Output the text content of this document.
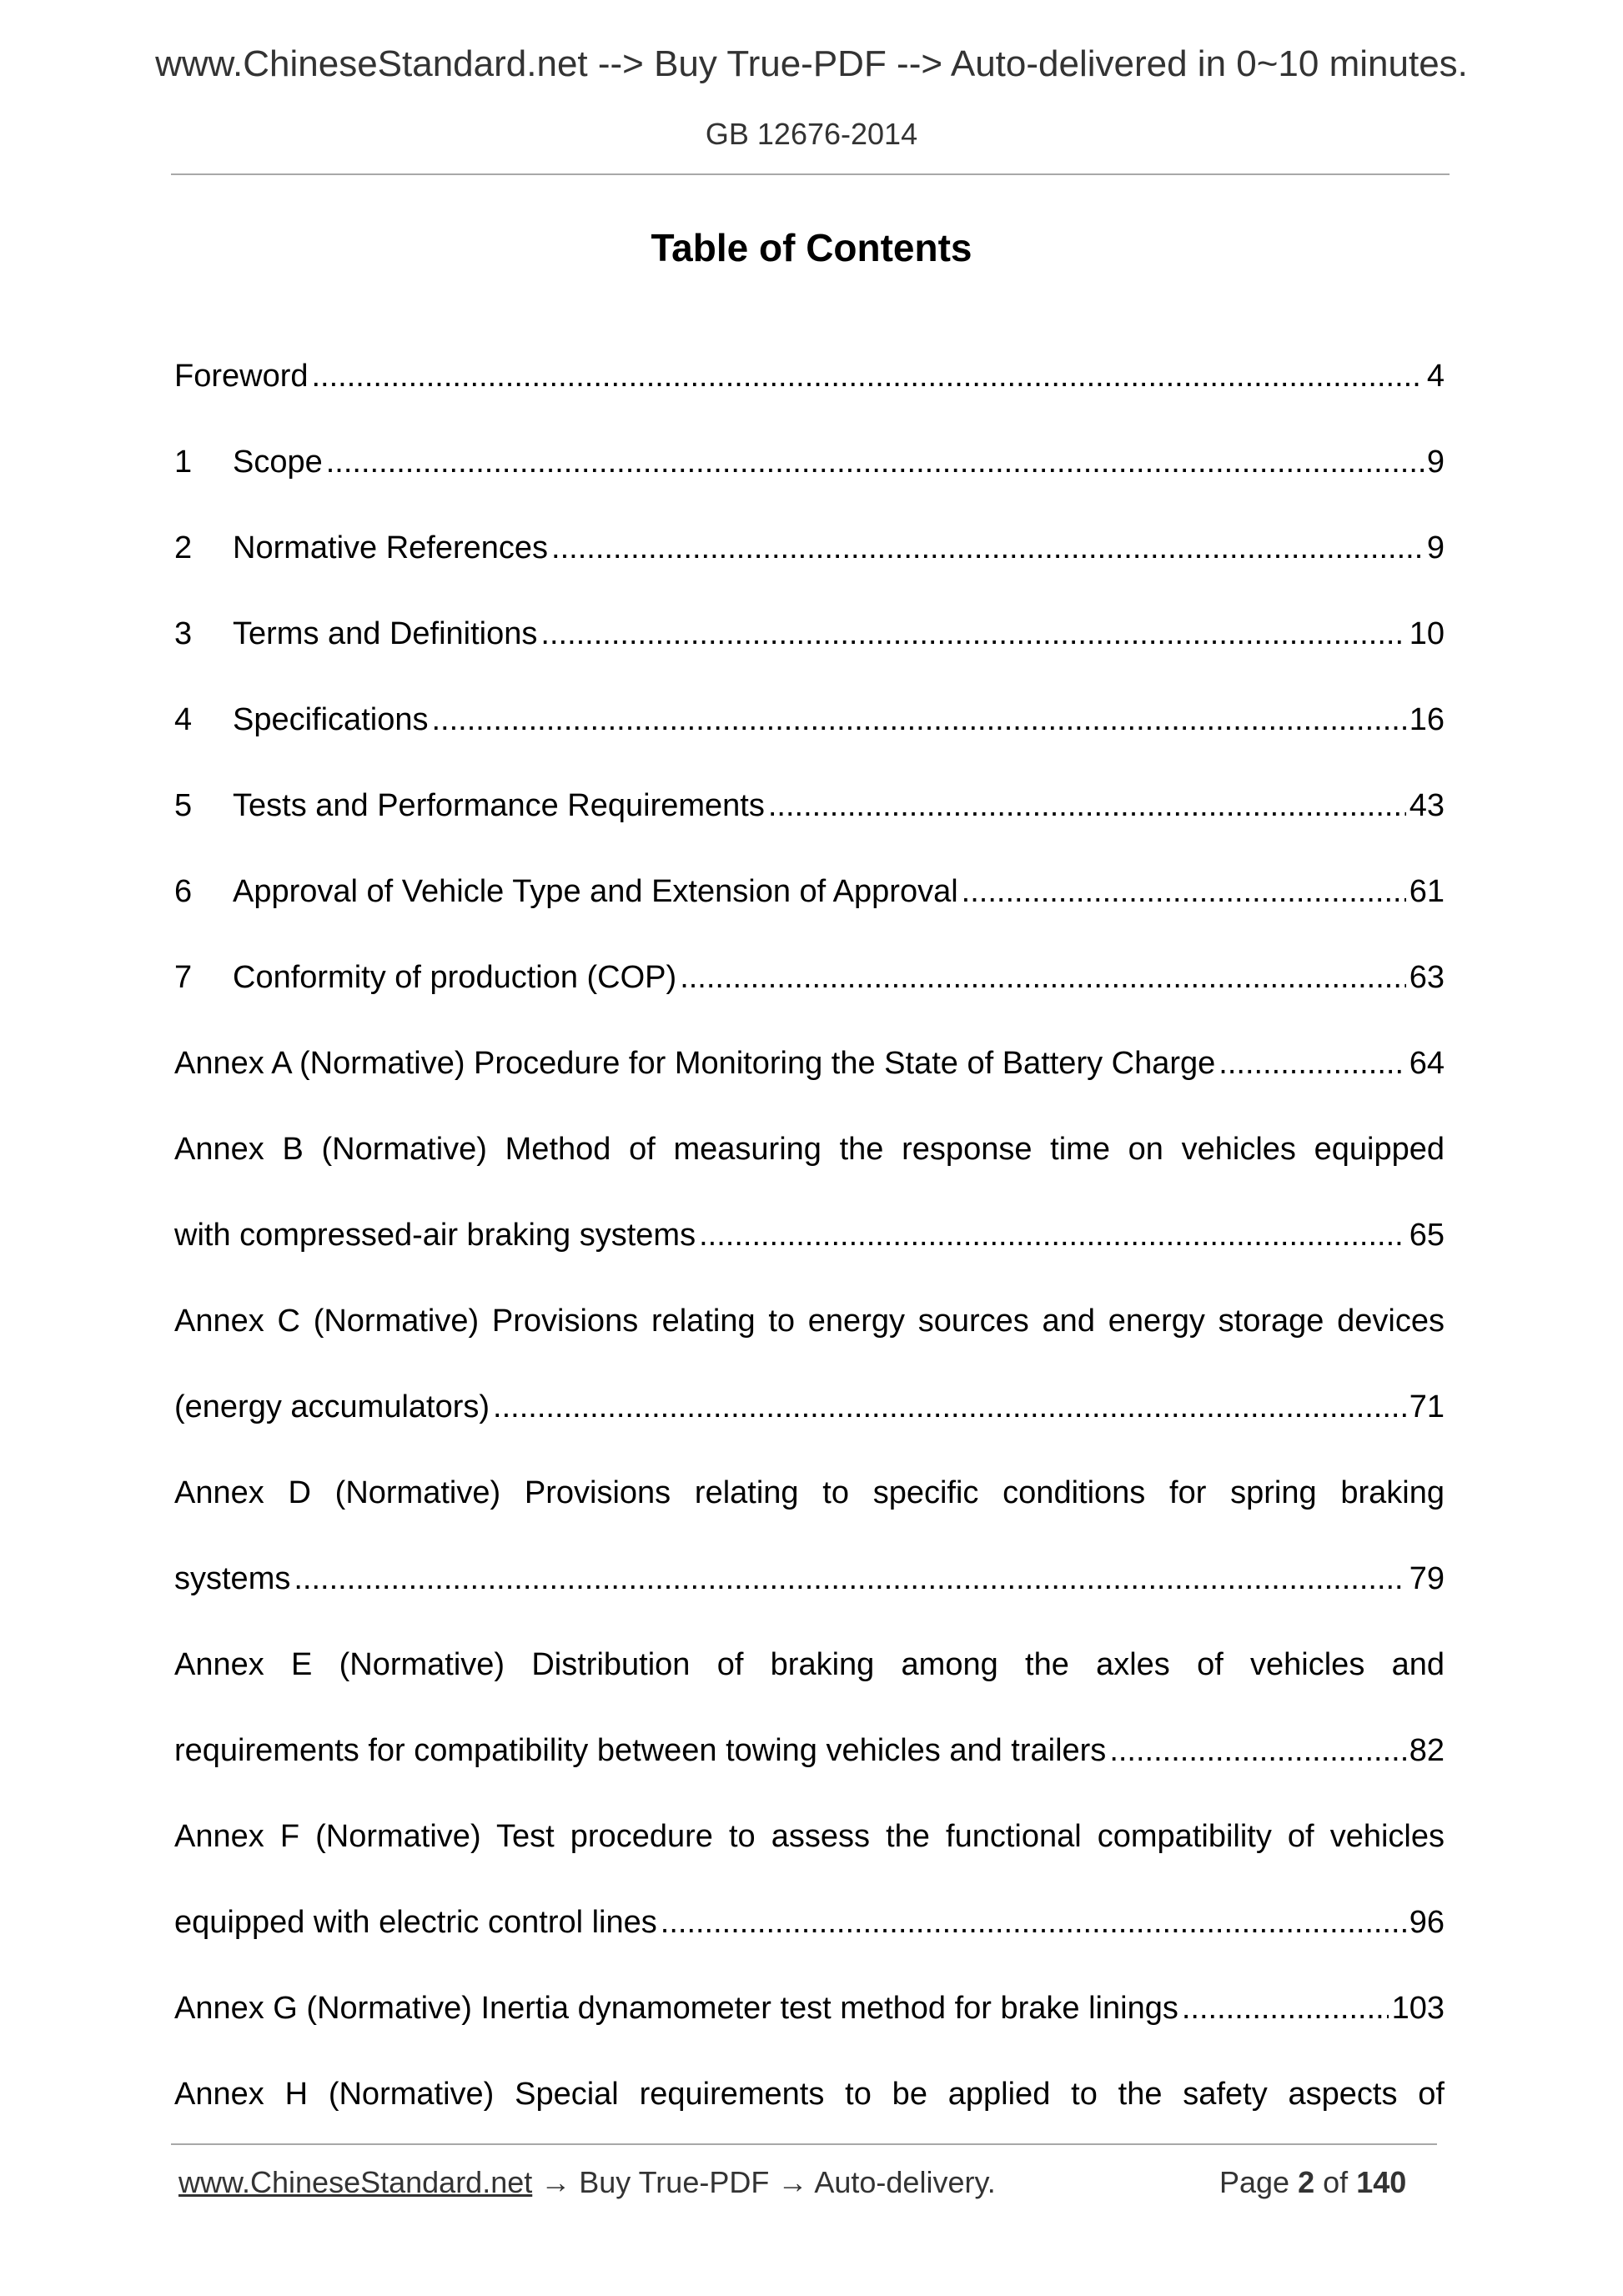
www.ChineseStandard.net --> Buy True-PDF --> Auto-delivered in 0~10 minutes.
GB 12676-2014
Table of Contents
Foreword .....	4
1	Scope .....	9
2	Normative References .....	9
3	Terms and Definitions .....	10
4	Specifications .....	16
5	Tests and Performance Requirements .....	43
6	Approval of Vehicle Type and Extension of Approval .....	61
7	Conformity of production (COP) .....	63
Annex A (Normative) Procedure for Monitoring the State of Battery Charge .....	64
Annex B (Normative) Method of measuring the response time on vehicles equipped
with compressed-air braking systems .....	65
Annex C (Normative) Provisions relating to energy sources and energy storage devices
(energy accumulators) .....	71
Annex D (Normative) Provisions relating to specific conditions for spring braking
systems .....	79
Annex E (Normative) Distribution of braking among the axles of vehicles and
requirements for compatibility between towing vehicles and trailers .....	82
Annex F (Normative) Test procedure to assess the functional compatibility of vehicles
equipped with electric control lines .....	96
Annex G (Normative) Inertia dynamometer test method for brake linings .....	103
Annex H (Normative) Special requirements to be applied to the safety aspects of
www.ChineseStandard.net → Buy True-PDF → Auto-delivery.	Page 2 of 140
